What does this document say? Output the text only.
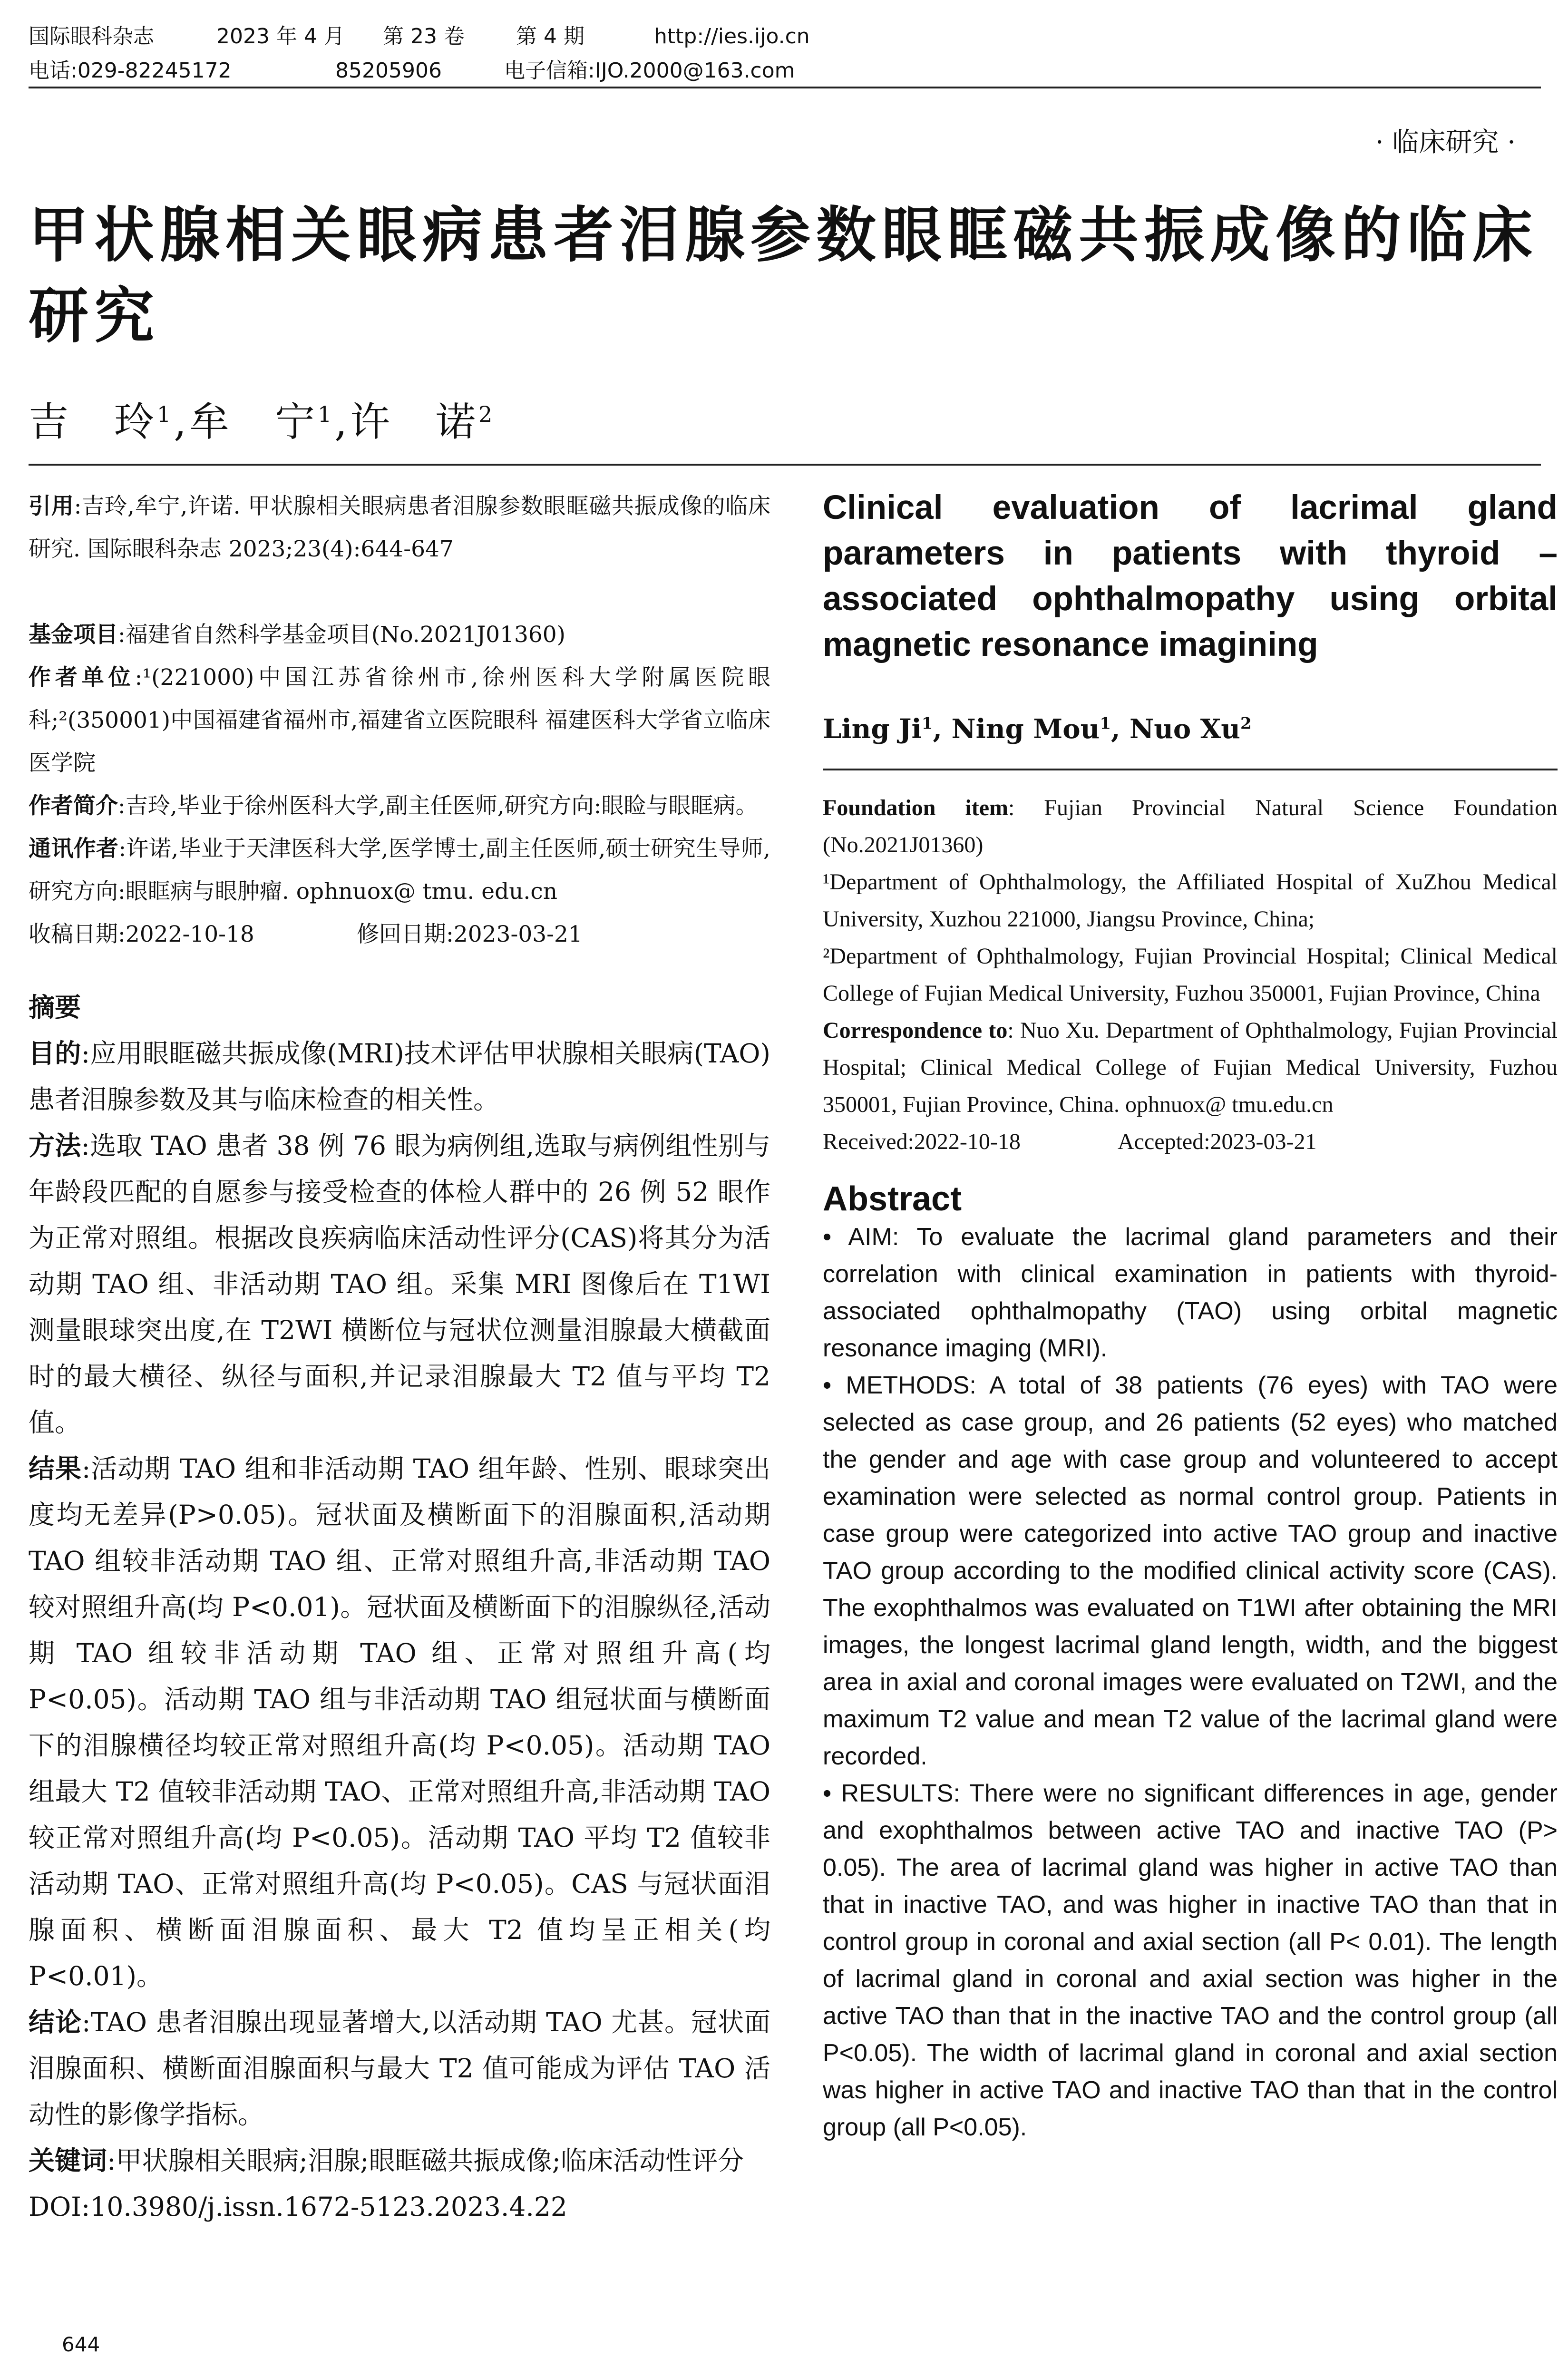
国际眼科杂志	2023 年 4 月 第 23 卷 第 4 期	http://ies.ijo.cn
电话:029-82245172	85205906	电子信箱:IJO.2000@163.com
· 临床研究 ·
甲状腺相关眼病患者泪腺参数眼眶磁共振成像的临床研究
吉　玲$^1$,牟　宁$^1$,许　诺$^2$

引用:吉玲,牟宁,许诺. 甲状腺相关眼病患者泪腺参数眼眶磁共振成像的临床研究. 国际眼科杂志 2023;23(4):644-647

基金项目:福建省自然科学基金项目(No.2021J01360)

作者单位:¹(221000)中国江苏省徐州市,徐州医科大学附属医院眼科;²(350001)中国福建省福州市,福建省立医院眼科 福建医科大学省立临床医学院

作者简介:吉玲,毕业于徐州医科大学,副主任医师,研究方向:眼睑与眼眶病。

通讯作者:许诺,毕业于天津医科大学,医学博士,副主任医师,硕士研究生导师,研究方向:眼眶病与眼肿瘤. ophnuox@ tmu. edu.cn

收稿日期:2022-10-18	修回日期:2023-03-21

摘要

目的:应用眼眶磁共振成像(MRI)技术评估甲状腺相关眼病(TAO)患者泪腺参数及其与临床检查的相关性。

方法:选取 TAO 患者 38 例 76 眼为病例组,选取与病例组性别与年龄段匹配的自愿参与接受检查的体检人群中的 26 例 52 眼作为正常对照组。根据改良疾病临床活动性评分(CAS)将其分为活动期 TAO 组、非活动期 TAO 组。采集 MRI 图像后在 T1WI 测量眼球突出度,在 T2WI 横断位与冠状位测量泪腺最大横截面时的最大横径、纵径与面积,并记录泪腺最大 T2 值与平均 T2 值。

结果:活动期 TAO 组和非活动期 TAO 组年龄、性别、眼球突出度均无差异(P>0.05)。冠状面及横断面下的泪腺面积,活动期 TAO 组较非活动期 TAO 组、正常对照组升高,非活动期 TAO 较对照组升高(均 P<0.01)。冠状面及横断面下的泪腺纵径,活动期 TAO 组较非活动期 TAO 组、正常对照组升高(均 P<0.05)。活动期 TAO 组与非活动期 TAO 组冠状面与横断面下的泪腺横径均较正常对照组升高(均 P<0.05)。活动期 TAO 组最大 T2 值较非活动期 TAO、正常对照组升高,非活动期 TAO 较正常对照组升高(均 P<0.05)。活动期 TAO 平均 T2 值较非活动期 TAO、正常对照组升高(均 P<0.05)。CAS 与冠状面泪腺面积、横断面泪腺面积、最大 T2 值均呈正相关(均 P<0.01)。

结论:TAO 患者泪腺出现显著增大,以活动期 TAO 尤甚。冠状面泪腺面积、横断面泪腺面积与最大 T2 值可能成为评估 TAO 活动性的影像学指标。

关键词:甲状腺相关眼病;泪腺;眼眶磁共振成像;临床活动性评分

DOI:10.3980/j.issn.1672-5123.2023.4.22

Clinical evaluation of lacrimal gland
parameters in patients with thyroid –
associated ophthalmopathy using orbital
magnetic resonance imagining
Ling Ji$^1$, Ning Mou$^1$, Nuo Xu$^2$

Foundation item: Fujian Provincial Natural Science Foundation (No.2021J01360)

¹Department of Ophthalmology, the Affiliated Hospital of XuZhou Medical University, Xuzhou 221000, Jiangsu Province, China;

²Department of Ophthalmology, Fujian Provincial Hospital; Clinical Medical College of Fujian Medical University, Fuzhou 350001, Fujian Province, China

Correspondence to: Nuo Xu. Department of Ophthalmology, Fujian Provincial Hospital; Clinical Medical College of Fujian Medical University, Fuzhou 350001, Fujian Province, China. ophnuox@ tmu.edu.cn

Received:2022-10-18	Accepted:2023-03-21

Abstract

• AIM: To evaluate the lacrimal gland parameters and their correlation with clinical examination in patients with thyroid-associated ophthalmopathy (TAO) using orbital magnetic resonance imaging (MRI).

• METHODS: A total of 38 patients (76 eyes) with TAO were selected as case group, and 26 patients (52 eyes) who matched the gender and age with case group and volunteered to accept examination were selected as normal control group. Patients in case group were categorized into active TAO group and inactive TAO group according to the modified clinical activity score (CAS). The exophthalmos was evaluated on T1WI after obtaining the MRI images, the longest lacrimal gland length, width, and the biggest area in axial and coronal images were evaluated on T2WI, and the maximum T2 value and mean T2 value of the lacrimal gland were recorded.

• RESULTS: There were no significant differences in age, gender and exophthalmos between active TAO and inactive TAO (P> 0.05). The area of lacrimal gland was higher in active TAO than that in inactive TAO, and was higher in inactive TAO than that in control group in coronal and axial section (all P< 0.01). The length of lacrimal gland in coronal and axial section was higher in the active TAO than that in the inactive TAO and the control group (all P<0.05). The width of lacrimal gland in coronal and axial section was higher in active TAO and inactive TAO than that in the control group (all P<0.05).

644
